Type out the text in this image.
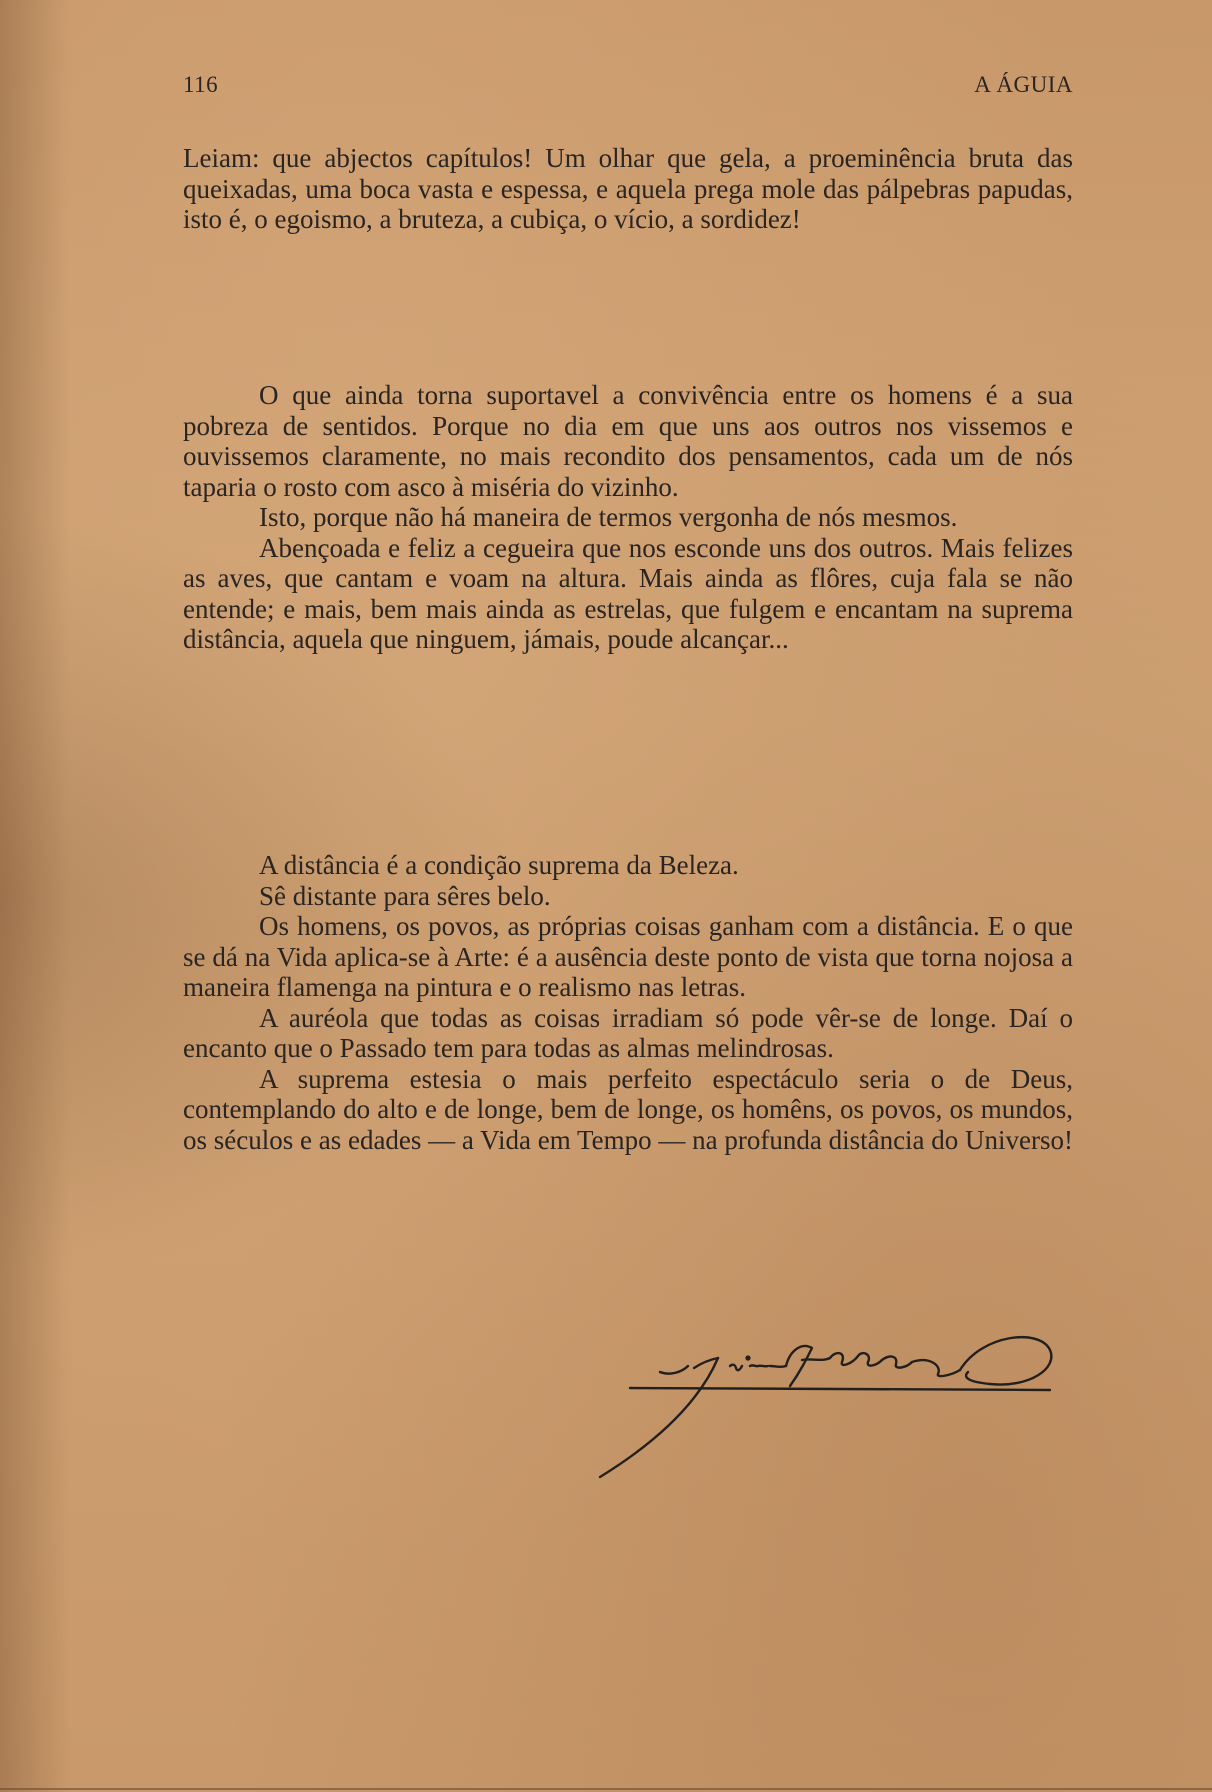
116	A ÁGUIA

Leiam: que abjectos capítulos! Um olhar que gela, a proeminência bruta das queixadas, uma boca vasta e espessa, e aquela prega mole das pálpebras papudas, isto é, o egoismo, a bruteza, a cubiça, o vício, a sordidez!

O que ainda torna suportavel a convivência entre os homens é a sua pobreza de sentidos. Porque no dia em que uns aos outros nos vissemos e ouvissemos claramente, no mais recondito dos pensamentos, cada um de nós taparia o rosto com asco à miséria do vizinho.

Isto, porque não há maneira de termos vergonha de nós mesmos.

Abençoada e feliz a cegueira que nos esconde uns dos outros. Mais felizes as aves, que cantam e voam na altura. Mais ainda as flôres, cuja fala se não entende; e mais, bem mais ainda as estrelas, que fulgem e encantam na suprema distância, aquela que ninguem, jámais, poude alcançar...

A distância é a condição suprema da Beleza.

Sê distante para sêres belo.

Os homens, os povos, as próprias coisas ganham com a distância. E o que se dá na Vida aplica-se à Arte: é a ausência deste ponto de vista que torna nojosa a maneira flamenga na pintura e o realismo nas letras.

A auréola que todas as coisas irradiam só pode vêr-se de longe. Daí o encanto que o Passado tem para todas as almas melindrosas.

A suprema estesia o mais perfeito espectáculo seria o de Deus, contemplando do alto e de longe, bem de longe, os homêns, os povos, os mundos, os séculos e as edades — a Vida em Tempo — na profunda distância do Universo!
